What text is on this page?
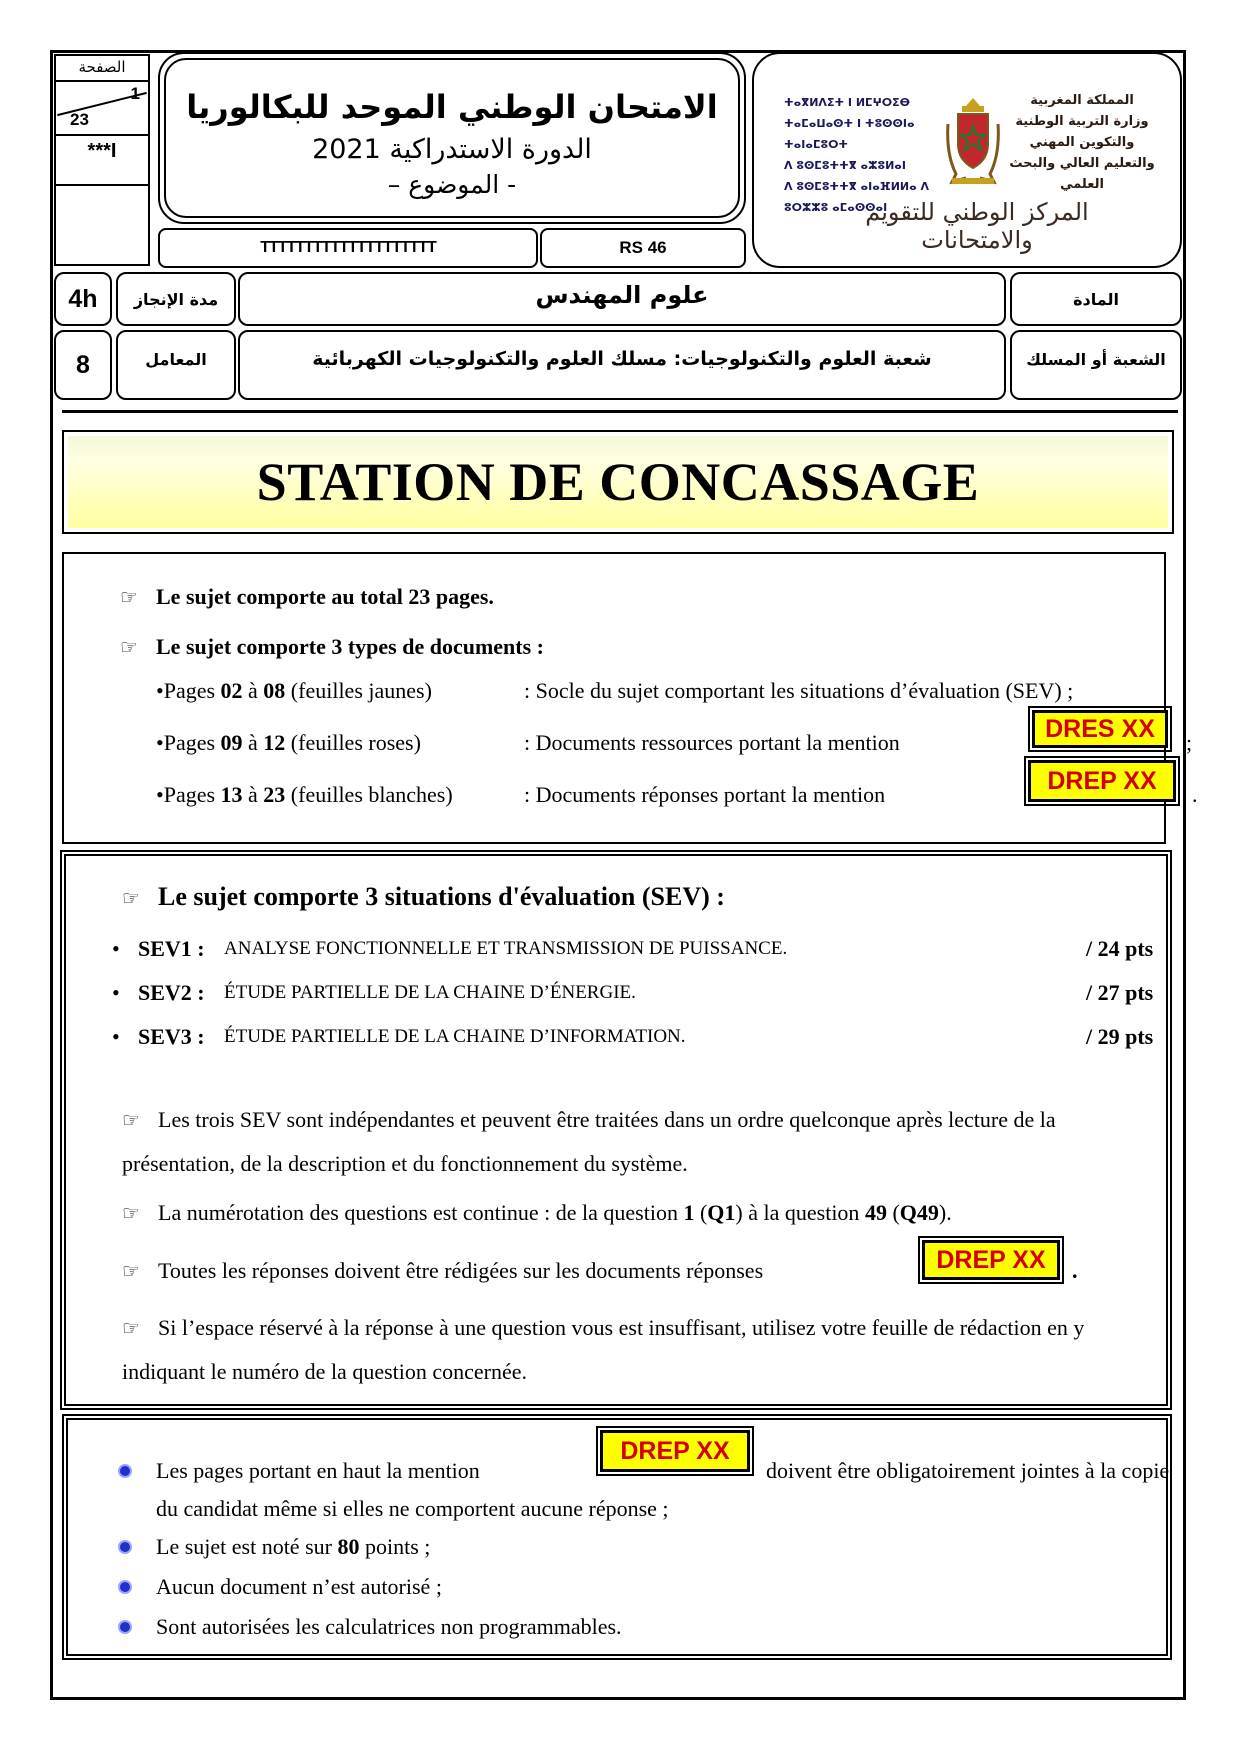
الصفحة
1
23
***I
الامتحان الوطني الموحد للبكالوريا
الدورة الاستدراكية 2021
- الموضوع –
TTTTTTTTTTTTTTTTTTTT	RS 46
ⵜⴰⴳⵍⴷⵉⵜ ⵏ ⵍⵎⵖⵔⵉⴱ
ⵜⴰⵎⴰⵡⴰⵙⵜ ⵏ ⵜⵓⵙⵙⵏⴰ ⵜⴰⵏⴰⵎⵓⵔⵜ
ⴷ ⵓⵙⵎⵓⵜⵜⴳ ⴰⵣⵓⵍⴰⵏ
ⴷ ⵓⵙⵎⵓⵜⵜⴳ ⴰⵏⴰⴼⵍⵍⴰ ⴷ ⵓⵔⵣⵣⵓ ⴰⵎⴰⵙⵙⴰⵏ
المملكة المغربية
وزارة التربية الوطنية
والتكوين المهني
والتعليم العالي والبحث العلمي
المركز الوطني للتقويم والامتحانات
4h مدة الإنجاز	علوم المهندس	المادة
8	المعامل	شعبة العلوم والتكنولوجيات: مسلك العلوم والتكنولوجيات الكهربائية	الشعبة أو المسلك
STATION DE CONCASSAGE
☞ Le sujet comporte au total 23 pages.
☞ Le sujet comporte 3 types de documents :
•Pages 02 à 08 (feuilles jaunes)	: Socle du sujet comportant les situations d’évaluation (SEV) ;
•Pages 09 à 12 (feuilles roses)	: Documents ressources portant la mention	DRES XX	;
•Pages 13 à 23 (feuilles blanches)	: Documents réponses portant la mention	DREP XX	.
☞ Le sujet comporte 3 situations d'évaluation (SEV) :
• SEV1 : ANALYSE FONCTIONNELLE ET TRANSMISSION DE PUISSANCE.	/ 24 pts
• SEV2 : ÉTUDE PARTIELLE DE LA CHAINE D’ÉNERGIE.	/ 27 pts
• SEV3 : ÉTUDE PARTIELLE DE LA CHAINE D’INFORMATION.	/ 29 pts
☞ Les trois SEV sont indépendantes et peuvent être traitées dans un ordre quelconque après lecture de la présentation, de la description et du fonctionnement du système.
☞ La numérotation des questions est continue : de la question 1 (Q1) à la question 49 (Q49).
☞ Toutes les réponses doivent être rédigées sur les documents réponses	DREP XX	.
☞ Si l’espace réservé à la réponse à une question vous est insuffisant, utilisez votre feuille de rédaction en y indiquant le numéro de la question concernée.
Les pages portant en haut la mention
DREP XX
doivent être obligatoirement jointes à la copie
du candidat même si elles ne comportent aucune réponse ;
Le sujet est noté sur 80 points ;
Aucun document n’est autorisé ;
Sont autorisées les calculatrices non programmables.
